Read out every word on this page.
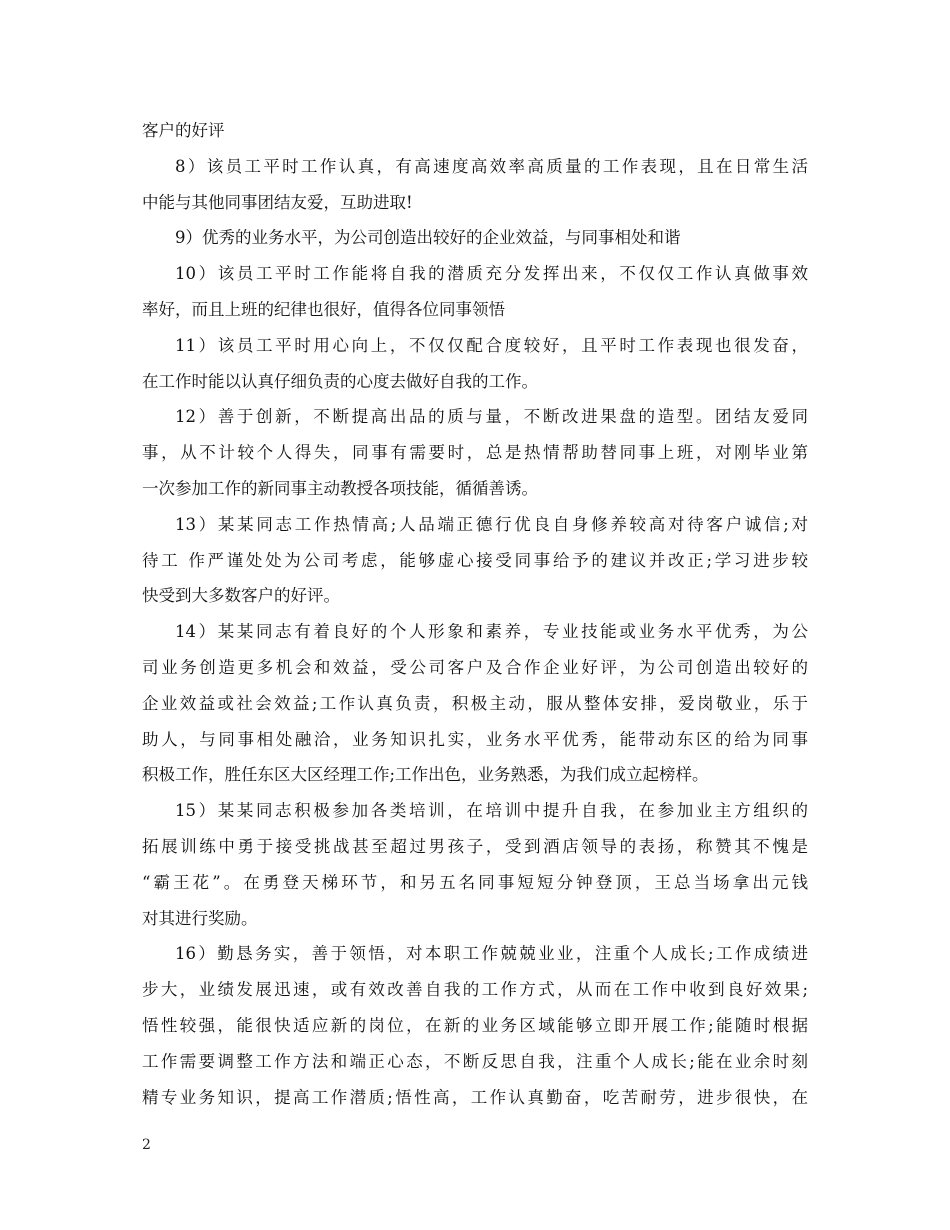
客户的好评
8）该员工平时工作认真，有高速度高效率高质量的工作表现，且在日常生活
中能与其他同事团结友爱，互助进取!
9）优秀的业务水平，为公司创造出较好的企业效益，与同事相处和谐
10）该员工平时工作能将自我的潜质充分发挥出来，不仅仅工作认真做事效
率好，而且上班的纪律也很好，值得各位同事领悟
11）该员工平时用心向上，不仅仅配合度较好，且平时工作表现也很发奋，
在工作时能以认真仔细负责的心度去做好自我的工作。
12）善于创新，不断提高出品的质与量，不断改进果盘的造型。团结友爱同
事，从不计较个人得失，同事有需要时，总是热情帮助替同事上班，对刚毕业第
一次参加工作的新同事主动教授各项技能，循循善诱。
13）某某同志工作热情高;人品端正德行优良自身修养较高对待客户诚信;对
待工 作严谨处处为公司考虑，能够虚心接受同事给予的建议并改正;学习进步较
快受到大多数客户的好评。
14）某某同志有着良好的个人形象和素养，专业技能或业务水平优秀，为公
司业务创造更多机会和效益，受公司客户及合作企业好评，为公司创造出较好的
企业效益或社会效益;工作认真负责，积极主动，服从整体安排，爱岗敬业，乐于
助人，与同事相处融洽，业务知识扎实，业务水平优秀，能带动东区的给为同事
积极工作，胜任东区大区经理工作;工作出色，业务熟悉，为我们成立起榜样。
15）某某同志积极参加各类培训，在培训中提升自我，在参加业主方组织的
拓展训练中勇于接受挑战甚至超过男孩子，受到酒店领导的表扬，称赞其不愧是
“霸王花”。在勇登天梯环节，和另五名同事短短分钟登顶，王总当场拿出元钱
对其进行奖励。
16）勤恳务实，善于领悟，对本职工作兢兢业业，注重个人成长;工作成绩进
步大，业绩发展迅速，或有效改善自我的工作方式，从而在工作中收到良好效果;
悟性较强，能很快适应新的岗位，在新的业务区域能够立即开展工作;能随时根据
工作需要调整工作方法和端正心态，不断反思自我，注重个人成长;能在业余时刻
精专业务知识，提高工作潜质;悟性高，工作认真勤奋，吃苦耐劳，进步很快，在
2
